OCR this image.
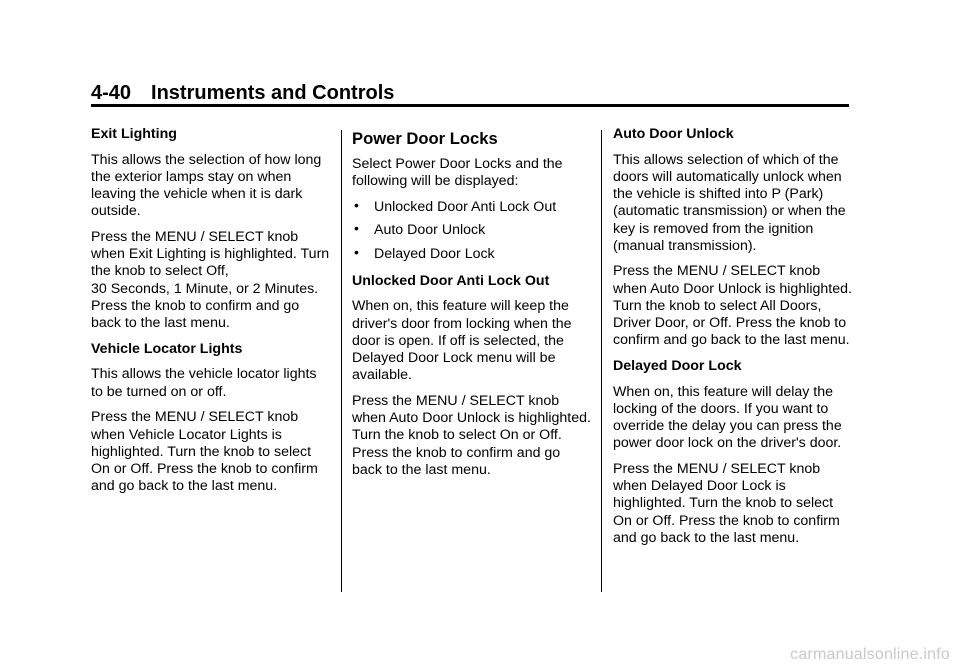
4-40 Instruments and Controls
Exit Lighting

This allows the selection of how long the exterior lamps stay on when leaving the vehicle when it is dark outside.

Press the MENU / SELECT knob when Exit Lighting is highlighted. Turn the knob to select Off,
30 Seconds, 1 Minute, or 2 Minutes. Press the knob to confirm and go back to the last menu.

Vehicle Locator Lights

This allows the vehicle locator lights to be turned on or off.

Press the MENU / SELECT knob when Vehicle Locator Lights is highlighted. Turn the knob to select On or Off. Press the knob to confirm and go back to the last menu.

Power Door Locks

Select Power Door Locks and the following will be displayed:

• Unlocked Door Anti Lock Out
• Auto Door Unlock
• Delayed Door Lock
Unlocked Door Anti Lock Out

When on, this feature will keep the driver's door from locking when the door is open. If off is selected, the Delayed Door Lock menu will be available.

Press the MENU / SELECT knob when Auto Door Unlock is highlighted. Turn the knob to select On or Off. Press the knob to confirm and go back to the last menu.

Auto Door Unlock

This allows selection of which of the doors will automatically unlock when the vehicle is shifted into P (Park) (automatic transmission) or when the key is removed from the ignition (manual transmission).

Press the MENU / SELECT knob when Auto Door Unlock is highlighted. Turn the knob to select All Doors, Driver Door, or Off. Press the knob to confirm and go back to the last menu.

Delayed Door Lock

When on, this feature will delay the locking of the doors. If you want to override the delay you can press the power door lock on the driver's door.

Press the MENU / SELECT knob when Delayed Door Lock is highlighted. Turn the knob to select On or Off. Press the knob to confirm and go back to the last menu.

carmanualsonline.info
